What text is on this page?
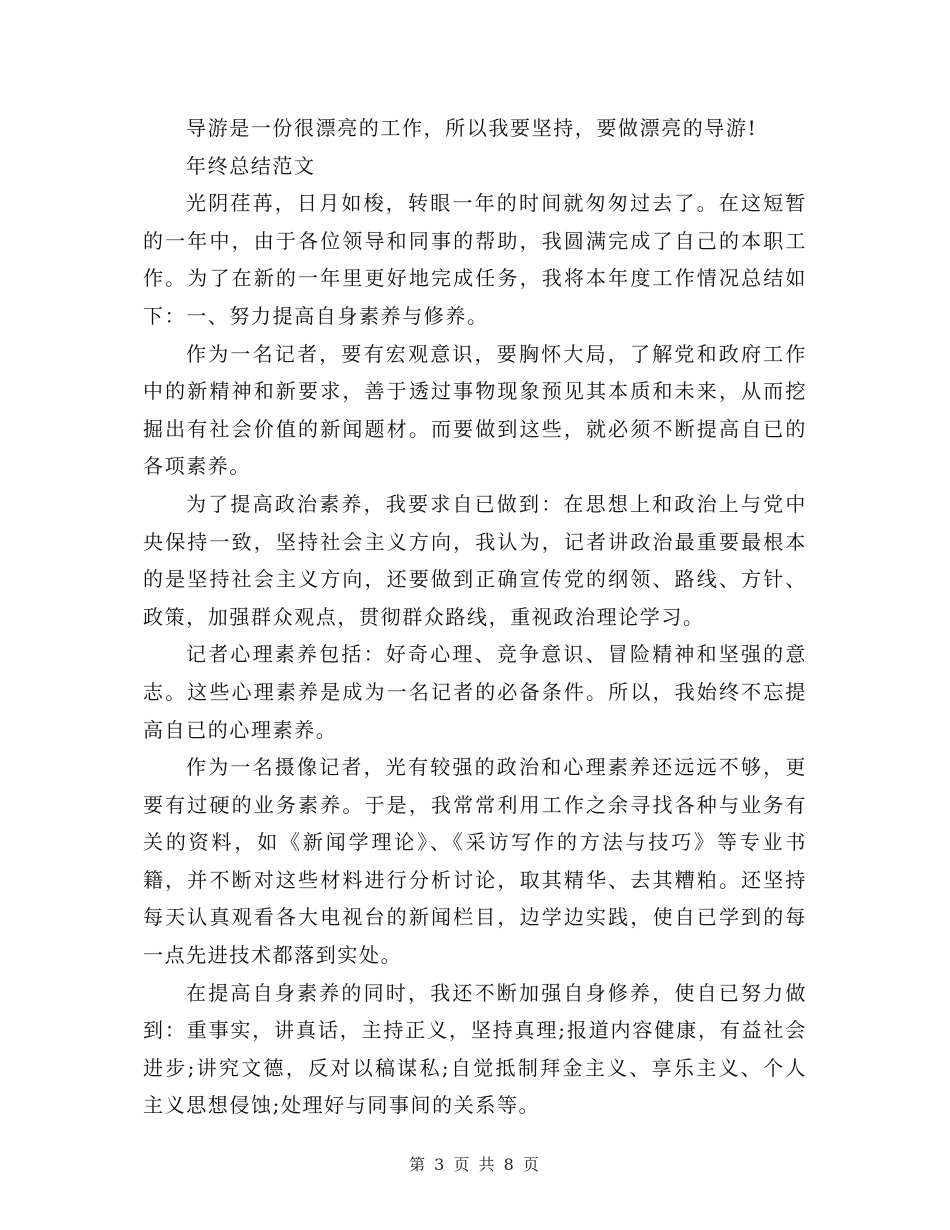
导游是一份很漂亮的工作，所以我要坚持，要做漂亮的导游!

年终总结范文

光阴荏苒，日月如梭，转眼一年的时间就匆匆过去了。在这短暂的一年中，由于各位领导和同事的帮助，我圆满完成了自己的本职工作。为了在新的一年里更好地完成任务，我将本年度工作情况总结如下：一、努力提高自身素养与修养。

作为一名记者，要有宏观意识，要胸怀大局，了解党和政府工作中的新精神和新要求，善于透过事物现象预见其本质和未来，从而挖掘出有社会价值的新闻题材。而要做到这些，就必须不断提高自已的各项素养。

为了提高政治素养，我要求自已做到：在思想上和政治上与党中央保持一致，坚持社会主义方向，我认为，记者讲政治最重要最根本的是坚持社会主义方向，还要做到正确宣传党的纲领、路线、方针、政策，加强群众观点，贯彻群众路线，重视政治理论学习。

记者心理素养包括：好奇心理、竞争意识、冒险精神和坚强的意志。这些心理素养是成为一名记者的必备条件。所以，我始终不忘提高自已的心理素养。

作为一名摄像记者，光有较强的政治和心理素养还远远不够，更要有过硬的业务素养。于是，我常常利用工作之余寻找各种与业务有关的资料，如《新闻学理论》、《采访写作的方法与技巧》等专业书籍，并不断对这些材料进行分析讨论，取其精华、去其糟粕。还坚持每天认真观看各大电视台的新闻栏目，边学边实践，使自已学到的每一点先进技术都落到实处。

在提高自身素养的同时，我还不断加强自身修养，使自已努力做到：重事实，讲真话，主持正义，坚持真理;报道内容健康，有益社会进步;讲究文德，反对以稿谋私;自觉抵制拜金主义、享乐主义、个人主义思想侵蚀;处理好与同事间的关系等。

第 3 页 共 8 页
